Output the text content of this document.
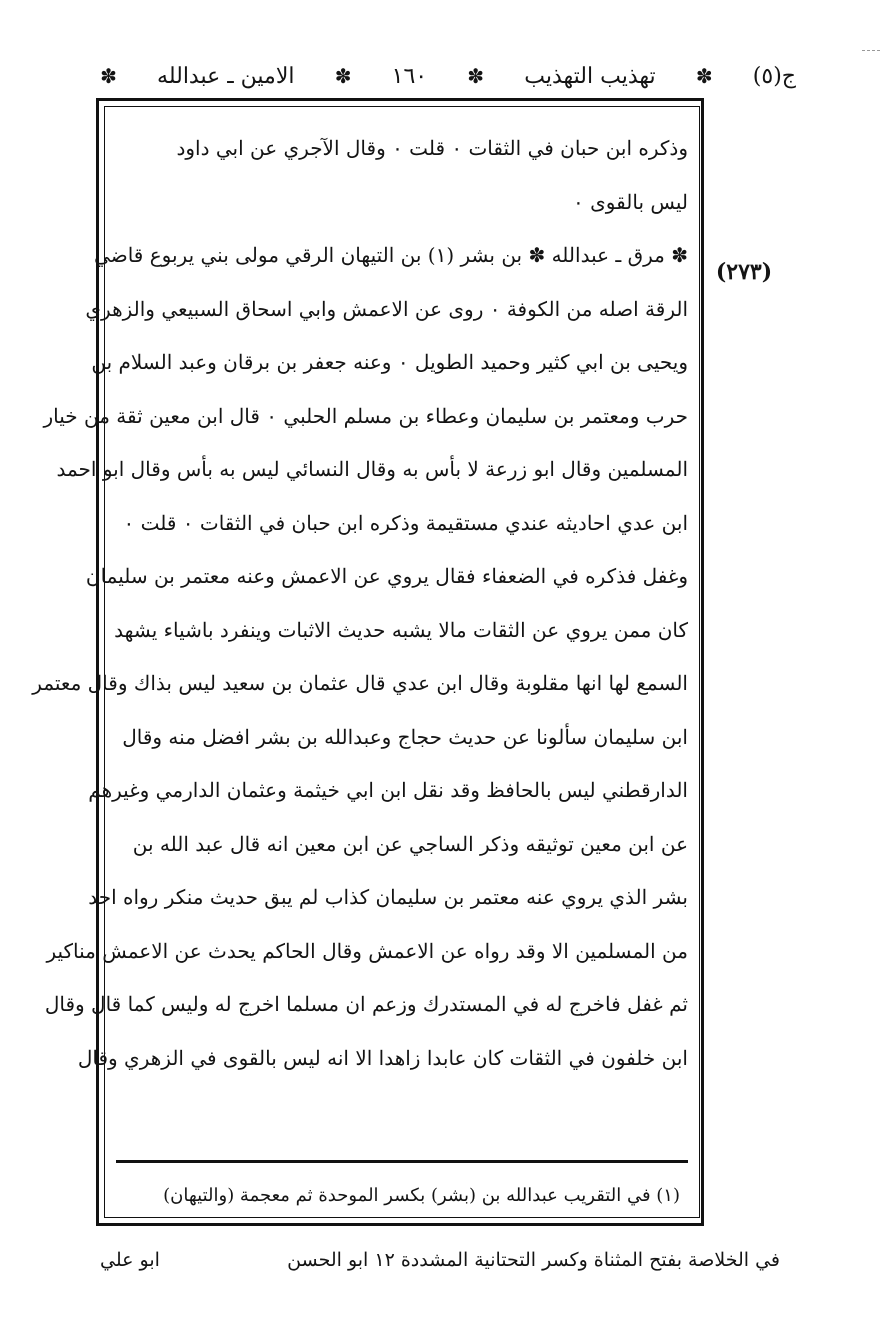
ج(٥)
✽
تهذيب التهذيب
✽
١٦٠
✽
الامين ـ عبدالله
✽
(٢٧٣)
وذكره ابن حبان في الثقات ٠ قلت ٠ وقال الآجري عن ابي داود
ليس بالقوى ٠
✽ مرق ـ عبدالله ✽ بن بشر (١) بن التيهان الرقي مولى بني يربوع قاضي
الرقة اصله من الكوفة ٠ روى عن الاعمش وابي اسحاق السبيعي والزهري
ويحيى بن ابي كثير وحميد الطويل ٠ وعنه جعفر بن برقان وعبد السلام بن
حرب ومعتمر بن سليمان وعطاء بن مسلم الحلبي ٠ قال ابن معين ثقة من خيار
المسلمين وقال ابو زرعة لا بأس به وقال النسائي ليس به بأس وقال ابو احمد
ابن عدي احاديثه عندي مستقيمة وذكره ابن حبان في الثقات ٠ قلت ٠
وغفل فذكره في الضعفاء فقال يروي عن الاعمش وعنه معتمر بن سليمان
كان ممن يروي عن الثقات مالا يشبه حديث الاثبات وينفرد باشياء يشهد
السمع لها انها مقلوبة وقال ابن عدي قال عثمان بن سعيد ليس بذاك وقال معتمر
ابن سليمان سألونا عن حديث حجاج وعبدالله بن بشر افضل منه وقال
الدارقطني ليس بالحافظ وقد نقل ابن ابي خيثمة وعثمان الدارمي وغيرهم
عن ابن معين توثيقه وذكر الساجي عن ابن معين انه قال عبد الله بن
بشر الذي يروي عنه معتمر بن سليمان كذاب لم يبق حديث منكر رواه احد
من المسلمين الا وقد رواه عن الاعمش وقال الحاكم يحدث عن الاعمش مناكير
ثم غفل فاخرج له في المستدرك وزعم ان مسلما اخرج له وليس كما قال وقال
ابن خلفون في الثقات كان عابدا زاهدا الا انه ليس بالقوى في الزهري وقال
(١) في التقريب عبدالله بن (بشر) بكسر الموحدة ثم معجمة (والتيهان)
في الخلاصة بفتح المثناة وكسر التحتانية المشددة ١٢ ابو الحسن
ابو علي
